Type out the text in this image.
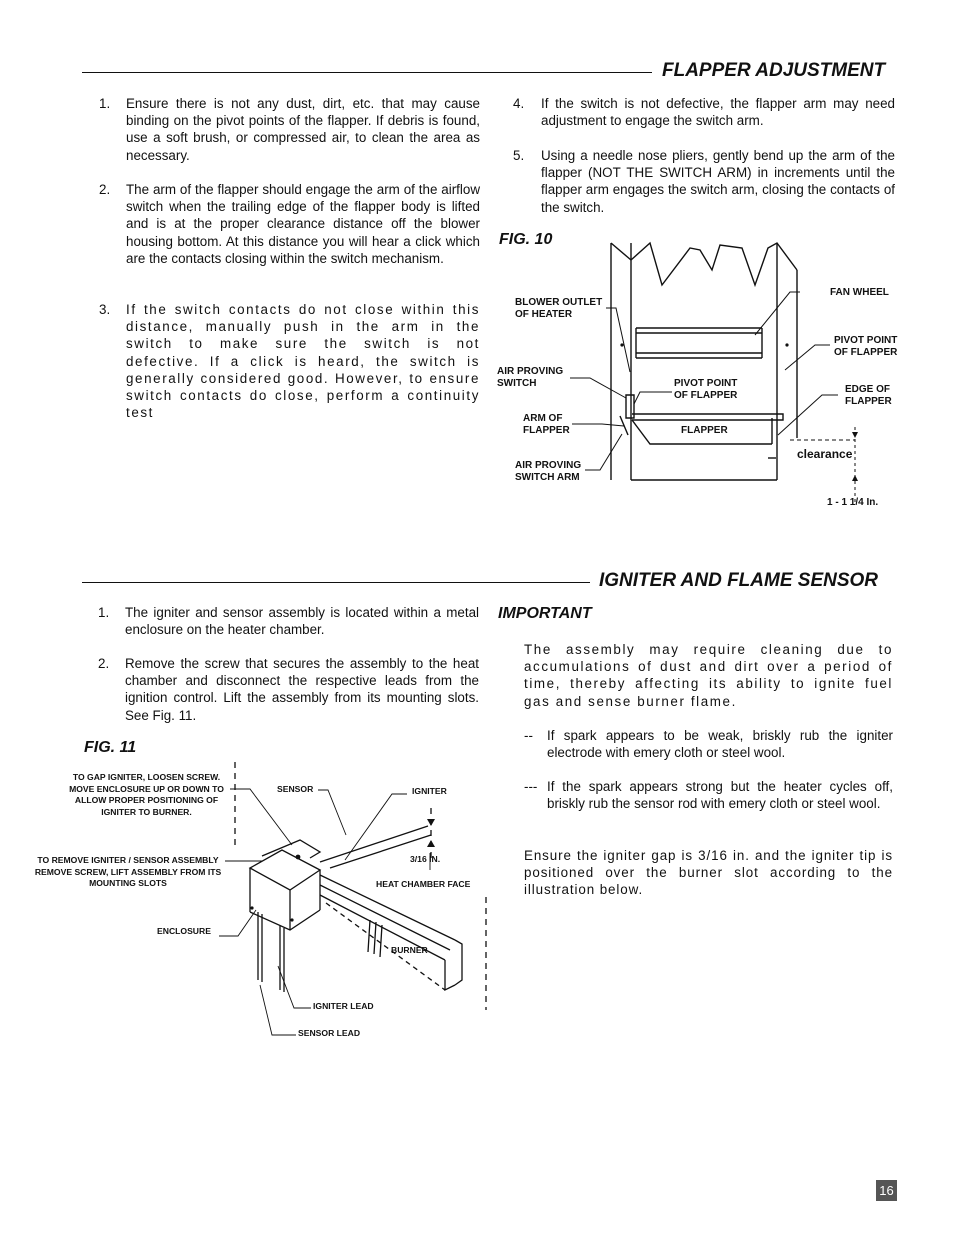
FLAPPER ADJUSTMENT
1. Ensure there is not any dust, dirt, etc. that may cause binding on the pivot points of the flapper. If debris is found, use a soft brush, or compressed air, to clean the area as necessary.

2. The arm of the flapper should engage the arm of the airflow switch when the trailing edge of the flapper body is lifted and is at the proper clearance distance off the blower housing bottom. At this distance you will hear a click which are the contacts closing within the switch mechanism.

3. If the switch contacts do not close within this distance, manually push in the arm in the switch to make sure the switch is not defective. If a click is heard, the switch is generally considered good. However, to ensure switch contacts do close, perform a continuity test

4. If the switch is not defective, the flapper arm may need adjustment to engage the switch arm.

5. Using a needle nose pliers, gently bend up the arm of the flapper (NOT THE SWITCH ARM) in increments until the flapper arm engages the switch arm, closing the contacts of the switch.

FIG. 10
BLOWER OUTLET OF HEATER
FAN WHEEL
PIVOT POINT OF FLAPPER
AIR PROVING SWITCH	PIVOT POINT OF FLAPPER
EDGE OF FLAPPER
ARM OF FLAPPER	FLAPPER
clearance
AIR PROVING SWITCH ARM
1 - 1 1/4 In.
IGNITER AND FLAME SENSOR
1. The igniter and sensor assembly is located within a metal enclosure on the heater chamber.

2. Remove the screw that secures the assembly to the heat chamber and disconnect the respective leads from the ignition control. Lift the assembly from its mounting slots. See Fig. 11.

IMPORTANT

The assembly may require cleaning due to accumulations of dust and dirt over a period of time, thereby affecting its ability to ignite fuel gas and sense burner flame.

-- If spark appears to be weak, briskly rub the igniter electrode with emery cloth or steel wool.

--- If the spark appears strong but the heater cycles off, briskly rub the sensor rod with emery cloth or steel wool.

Ensure the igniter gap is 3/16 in. and the igniter tip is positioned over the burner slot according to the illustration below.

FIG. 11
TO GAP IGNITER, LOOSEN SCREW. MOVE ENCLOSURE UP OR DOWN TO ALLOW PROPER POSITIONING OF IGNITER TO BURNER.
TO REMOVE IGNITER / SENSOR ASSEMBLY REMOVE SCREW, LIFT ASSEMBLY FROM ITS MOUNTING SLOTS
SENSOR	IGNITER
3/16 IN.
HEAT CHAMBER FACE
ENCLOSURE
BURNER
IGNITER LEAD
SENSOR LEAD
16
